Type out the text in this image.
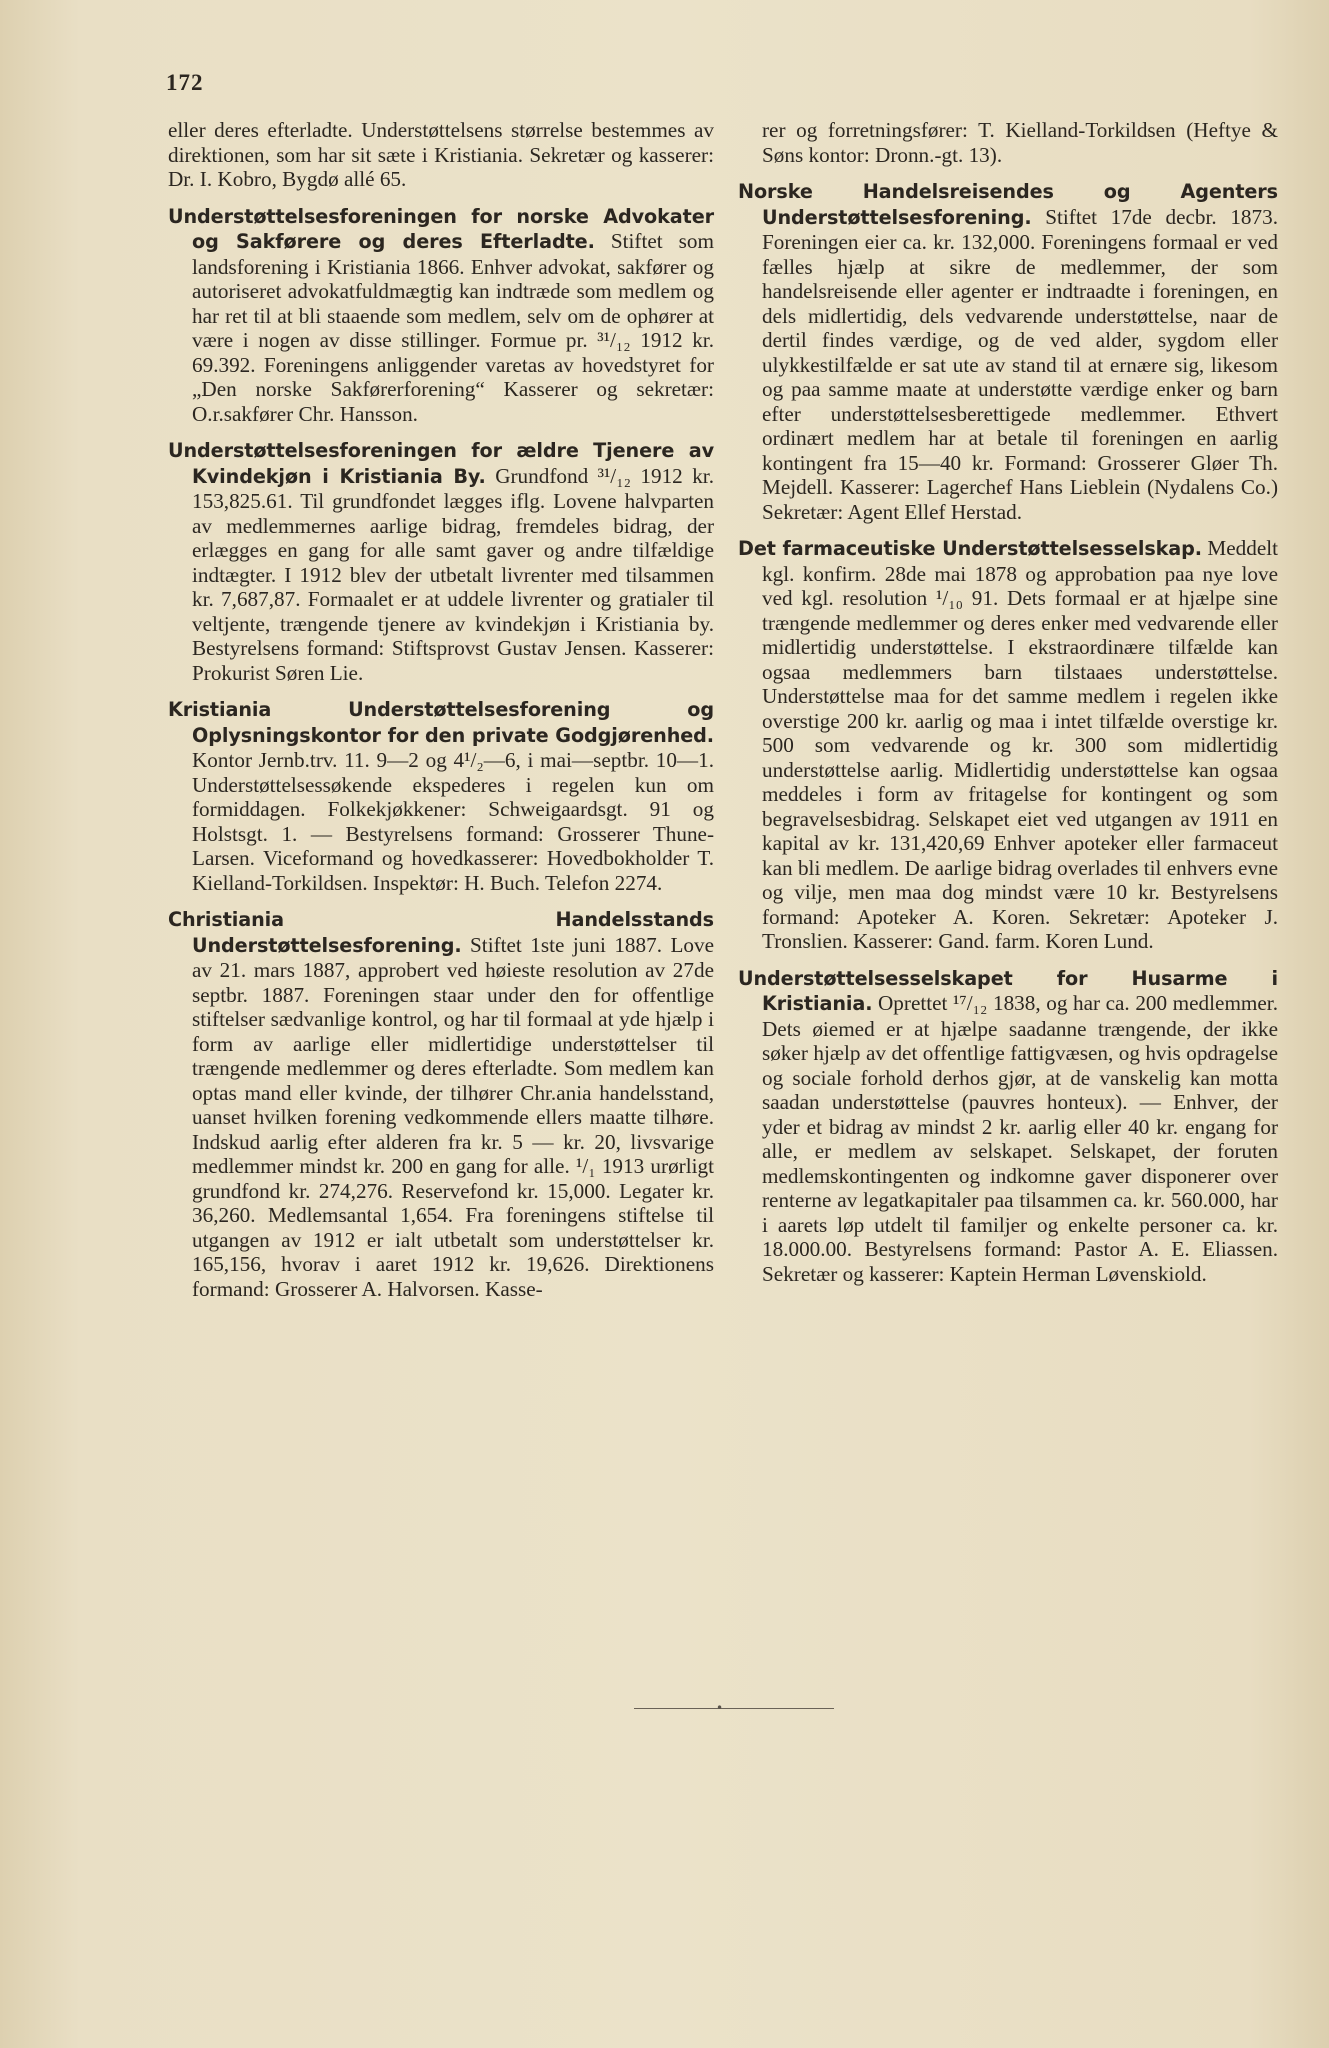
172

eller deres efterladte. Understøttelsens størrelse bestemmes av direktionen, som har sit sæte i Kristiania. Sekretær og kasserer: Dr. I. Kobro, Bygdø allé 65.

Understøttelsesforeningen for norske Advokater og Sakførere og deres Efterladte. Stiftet som landsforening i Kristiania 1866. Enhver advokat, sakfører og autoriseret advokatfuldmægtig kan indtræde som medlem og har ret til at bli staaende som medlem, selv om de ophører at være i nogen av disse stillinger. Formue pr. ³¹/₁₂ 1912 kr. 69.392. Foreningens anliggender varetas av hovedstyret for „Den norske Sakførerforening“ Kasserer og sekretær: O.r.sakfører Chr. Hansson.

Understøttelsesforeningen for ældre Tjenere av Kvindekjøn i Kristiania By. Grundfond ³¹/₁₂ 1912 kr. 153,825.61. Til grundfondet lægges iflg. Lovene halvparten av medlemmernes aarlige bidrag, fremdeles bidrag, der erlægges en gang for alle samt gaver og andre tilfældige indtægter. I 1912 blev der utbetalt livrenter med tilsammen kr. 7,687,87. Formaalet er at uddele livrenter og gratialer til veltjente, trængende tjenere av kvindekjøn i Kristiania by. Bestyrelsens formand: Stiftsprovst Gustav Jensen. Kasserer: Prokurist Søren Lie.

Kristiania Understøttelsesforening og Oplysningskontor for den private Godgjørenhed. Kontor Jernb.trv. 11. 9—2 og 4¹/₂—6, i mai—septbr. 10—1. Understøttelsessøkende ekspederes i regelen kun om formiddagen. Folkekjøkkener: Schweigaardsgt. 91 og Holstsgt. 1. — Bestyrelsens formand: Grosserer Thune-Larsen. Viceformand og hovedkasserer: Hovedbokholder T. Kielland-Torkildsen. Inspektør: H. Buch. Telefon 2274.

Christiania Handelsstands Understøttelsesforening. Stiftet 1ste juni 1887. Love av 21. mars 1887, approbert ved høieste resolution av 27de septbr. 1887. Foreningen staar under den for offentlige stiftelser sædvanlige kontrol, og har til formaal at yde hjælp i form av aarlige eller midlertidige understøttelser til trængende medlemmer og deres efterladte. Som medlem kan optas mand eller kvinde, der tilhører Chr.ania handelsstand, uanset hvilken forening vedkommende ellers maatte tilhøre. Indskud aarlig efter alderen fra kr. 5 — kr. 20, livsvarige medlemmer mindst kr. 200 en gang for alle. ¹/₁ 1913 urørligt grundfond kr. 274,276. Reservefond kr. 15,000. Legater kr. 36,260. Medlemsantal 1,654. Fra foreningens stiftelse til utgangen av 1912 er ialt utbetalt som understøttelser kr. 165,156, hvorav i aaret 1912 kr. 19,626. Direktionens formand: Grosserer A. Halvorsen. Kasse-

rer og forretningsfører: T. Kielland-Torkildsen (Heftye & Søns kontor: Dronn.-gt. 13).

Norske Handelsreisendes og Agenters Understøttelsesforening. Stiftet 17de decbr. 1873. Foreningen eier ca. kr. 132,000. Foreningens formaal er ved fælles hjælp at sikre de medlemmer, der som handelsreisende eller agenter er indtraadte i foreningen, en dels midlertidig, dels vedvarende understøttelse, naar de dertil findes værdige, og de ved alder, sygdom eller ulykkestilfælde er sat ute av stand til at ernære sig, likesom og paa samme maate at understøtte værdige enker og barn efter understøttelsesberettigede medlemmer. Ethvert ordinært medlem har at betale til foreningen en aarlig kontingent fra 15—40 kr. Formand: Grosserer Gløer Th. Mejdell. Kasserer: Lagerchef Hans Lieblein (Nydalens Co.) Sekretær: Agent Ellef Herstad.

Det farmaceutiske Understøttelsesselskap. Meddelt kgl. konfirm. 28de mai 1878 og approbation paa nye love ved kgl. resolution ¹/₁₀ 91. Dets formaal er at hjælpe sine trængende medlemmer og deres enker med vedvarende eller midlertidig understøttelse. I ekstraordinære tilfælde kan ogsaa medlemmers barn tilstaaes understøttelse. Understøttelse maa for det samme medlem i regelen ikke overstige 200 kr. aarlig og maa i intet tilfælde overstige kr. 500 som vedvarende og kr. 300 som midlertidig understøttelse aarlig. Midlertidig understøttelse kan ogsaa meddeles i form av fritagelse for kontingent og som begravelsesbidrag. Selskapet eiet ved utgangen av 1911 en kapital av kr. 131,420,69 Enhver apoteker eller farmaceut kan bli medlem. De aarlige bidrag overlades til enhvers evne og vilje, men maa dog mindst være 10 kr. Bestyrelsens formand: Apoteker A. Koren. Sekretær: Apoteker J. Tronslien. Kasserer: Gand. farm. Koren Lund.

Understøttelsesselskapet for Husarme i Kristiania. Oprettet ¹⁷/₁₂ 1838, og har ca. 200 medlemmer. Dets øiemed er at hjælpe saadanne trængende, der ikke søker hjælp av det offentlige fattigvæsen, og hvis opdragelse og sociale forhold derhos gjør, at de vanskelig kan motta saadan understøttelse (pauvres honteux). — Enhver, der yder et bidrag av mindst 2 kr. aarlig eller 40 kr. engang for alle, er medlem av selskapet. Selskapet, der foruten medlemskontingenten og indkomne gaver disponerer over renterne av legatkapitaler paa tilsammen ca. kr. 560.000, har i aarets løp utdelt til familjer og enkelte personer ca. kr. 18.000.00. Bestyrelsens formand: Pastor A. E. Eliassen. Sekretær og kasserer: Kaptein Herman Løvenskiold.

•
